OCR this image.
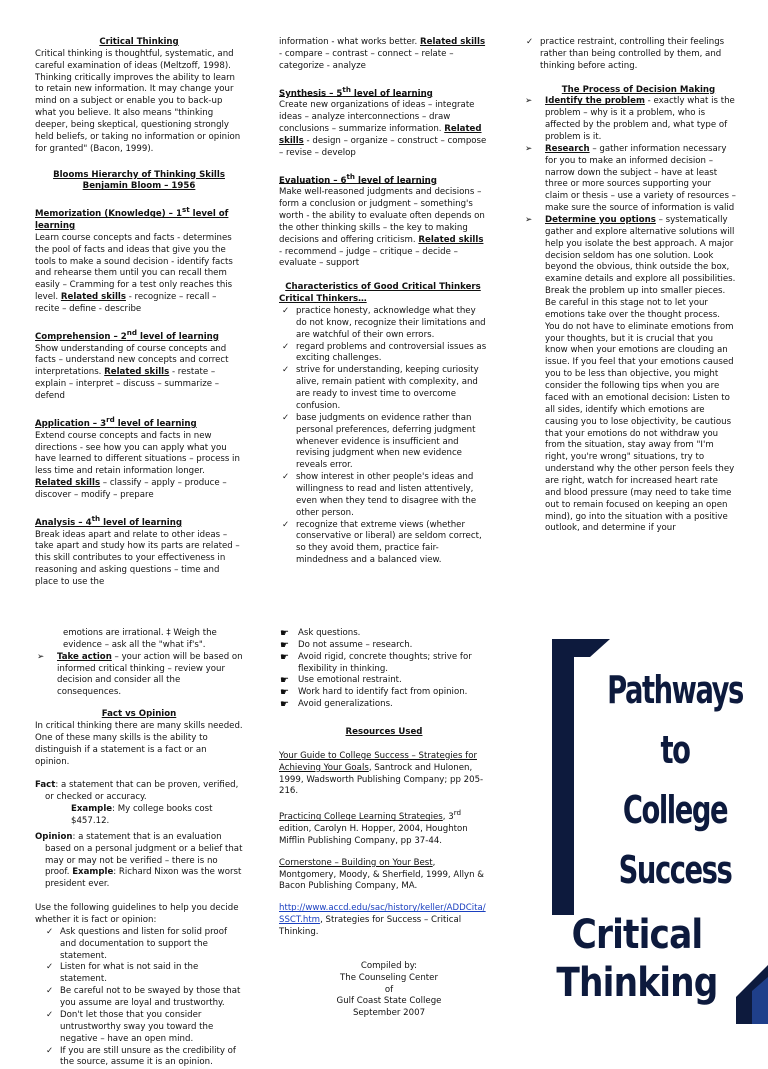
Critical Thinking

Critical thinking is thoughtful, systematic, and careful examination of ideas (Meltzoff, 1998). Thinking critically improves the ability to learn to retain new information. It may change your mind on a subject or enable you to back-up what you believe. It also means "thinking deeper, being skeptical, questioning strongly held beliefs, or taking no information or opinion for granted" (Bacon, 1999).

Blooms Hierarchy of Thinking Skills

Benjamin Bloom – 1956

Memorization (Knowledge) – 1st level of learning

Learn course concepts and facts - determines the pool of facts and ideas that give you the tools to make a sound decision - identify facts and rehearse them until you can recall them easily – Cramming for a test only reaches this level. Related skills - recognize – recall – recite – define - describe

Comprehension – 2nd level of learning

Show understanding of course concepts and facts – understand new concepts and correct interpretations. Related skills - restate – explain – interpret – discuss – summarize – defend

Application – 3rd level of learning

Extend course concepts and facts in new directions - see how you can apply what you have learned to different situations – process in less time and retain information longer. Related skills – classify – apply – produce – discover – modify – prepare

Analysis – 4th level of learning

Break ideas apart and relate to other ideas – take apart and study how its parts are related – this skill contributes to your effectiveness in reasoning and asking questions – time and place to use the

information - what works better. Related skills - compare – contrast – connect – relate – categorize - analyze

Synthesis – 5th level of learning

Create new organizations of ideas – integrate ideas – analyze interconnections – draw conclusions – summarize information. Related skills - design – organize – construct – compose – revise – develop

Evaluation – 6th level of learning

Make well-reasoned judgments and decisions – form a conclusion or judgment – something's worth - the ability to evaluate often depends on the other thinking skills – the key to making decisions and offering criticism. Related skills - recommend – judge – critique – decide – evaluate – support

Characteristics of Good Critical Thinkers

Critical Thinkers…

✓ practice honesty, acknowledge what they do not know, recognize their limitations and are watchful of their own errors.
✓ regard problems and controversial issues as exciting challenges.
✓ strive for understanding, keeping curiosity alive, remain patient with complexity, and are ready to invest time to overcome confusion.
✓ base judgments on evidence rather than personal preferences, deferring judgment whenever evidence is insufficient and revising judgment when new evidence reveals error.
✓ show interest in other people's ideas and willingness to read and listen attentively, even when they tend to disagree with the other person.
✓ recognize that extreme views (whether conservative or liberal) are seldom correct, so they avoid them, practice fair-mindedness and a balanced view.
✓ practice restraint, controlling their feelings rather than being controlled by them, and thinking before acting.

The Process of Decision Making

➢ Identify the problem - exactly what is the problem – why is it a problem, who is affected by the problem and, what type of problem is it.
➢ Research – gather information necessary for you to make an informed decision – narrow down the subject – have at least three or more sources supporting your claim or thesis – use a variety of resources – make sure the source of information is valid
➢ Determine you options – systematically gather and explore alternative solutions will help you isolate the best approach. A major decision seldom has one solution. Look beyond the obvious, think outside the box, examine details and explore all possibilities. Break the problem up into smaller pieces. Be careful in this stage not to let your emotions take over the thought process. You do not have to eliminate emotions from your thoughts, but it is crucial that you know when your emotions are clouding an issue. If you feel that your emotions caused you to be less than objective, you might consider the following tips when you are faced with an emotional decision: Listen to all sides, identify which emotions are causing you to lose objectivity, be cautious that your emotions do not withdraw you from the situation, stay away from "I'm right, you're wrong" situations, try to understand why the other person feels they are right, watch for increased heart rate and blood pressure (may need to take time out to remain focused on keeping an open mind), go into the situation with a positive outlook, and determine if your

emotions are irrational. ‡ Weigh the evidence – ask all the "what if's".

➢ Take action – your action will be based on informed critical thinking – review your decision and consider all the consequences.

Fact vs Opinion

In critical thinking there are many skills needed. One of these many skills is the ability to distinguish if a statement is a fact or an opinion.

Fact: a statement that can be proven, verified, or checked or accuracy.

Example: My college books cost $457.12.

Opinion: a statement that is an evaluation based on a personal judgment or a belief that may or may not be verified – there is no proof. Example: Richard Nixon was the worst president ever.

Use the following guidelines to help you decide whether it is fact or opinion:

✓ Ask questions and listen for solid proof and documentation to support the statement.
✓ Listen for what is not said in the statement.
✓ Be careful not to be swayed by those that you assume are loyal and trustworthy.
✓ Don't let those that you consider untrustworthy sway you toward the negative – have an open mind.
✓ If you are still unsure as the credibility of the source, assume it is an opinion.
☛ Ask questions.
☛ Do not assume – research.
☛ Avoid rigid, concrete thoughts; strive for flexibility in thinking.
☛ Use emotional restraint.
☛ Work hard to identify fact from opinion.
☛ Avoid generalizations.

Resources Used

Your Guide to College Success – Strategies for Achieving Your Goals, Santrock and Hulonen, 1999, Wadsworth Publishing Company; pp 205-216.

Practicing College Learning Strategies, 3rd edition, Carolyn H. Hopper, 2004, Houghton Mifflin Publishing Company, pp 37-44.

Cornerstone – Building on Your Best, Montgomery, Moody, & Sherfield, 1999, Allyn & Bacon Publishing Company, MA.

http://www.accd.edu/sac/history/keller/ADDCita/SSCT.htm, Strategies for Success – Critical Thinking.

Compiled by:

The Counseling Center

of

Gulf Coast State College

September 2007

Pathways to
College
Success
Critical
Thinking
